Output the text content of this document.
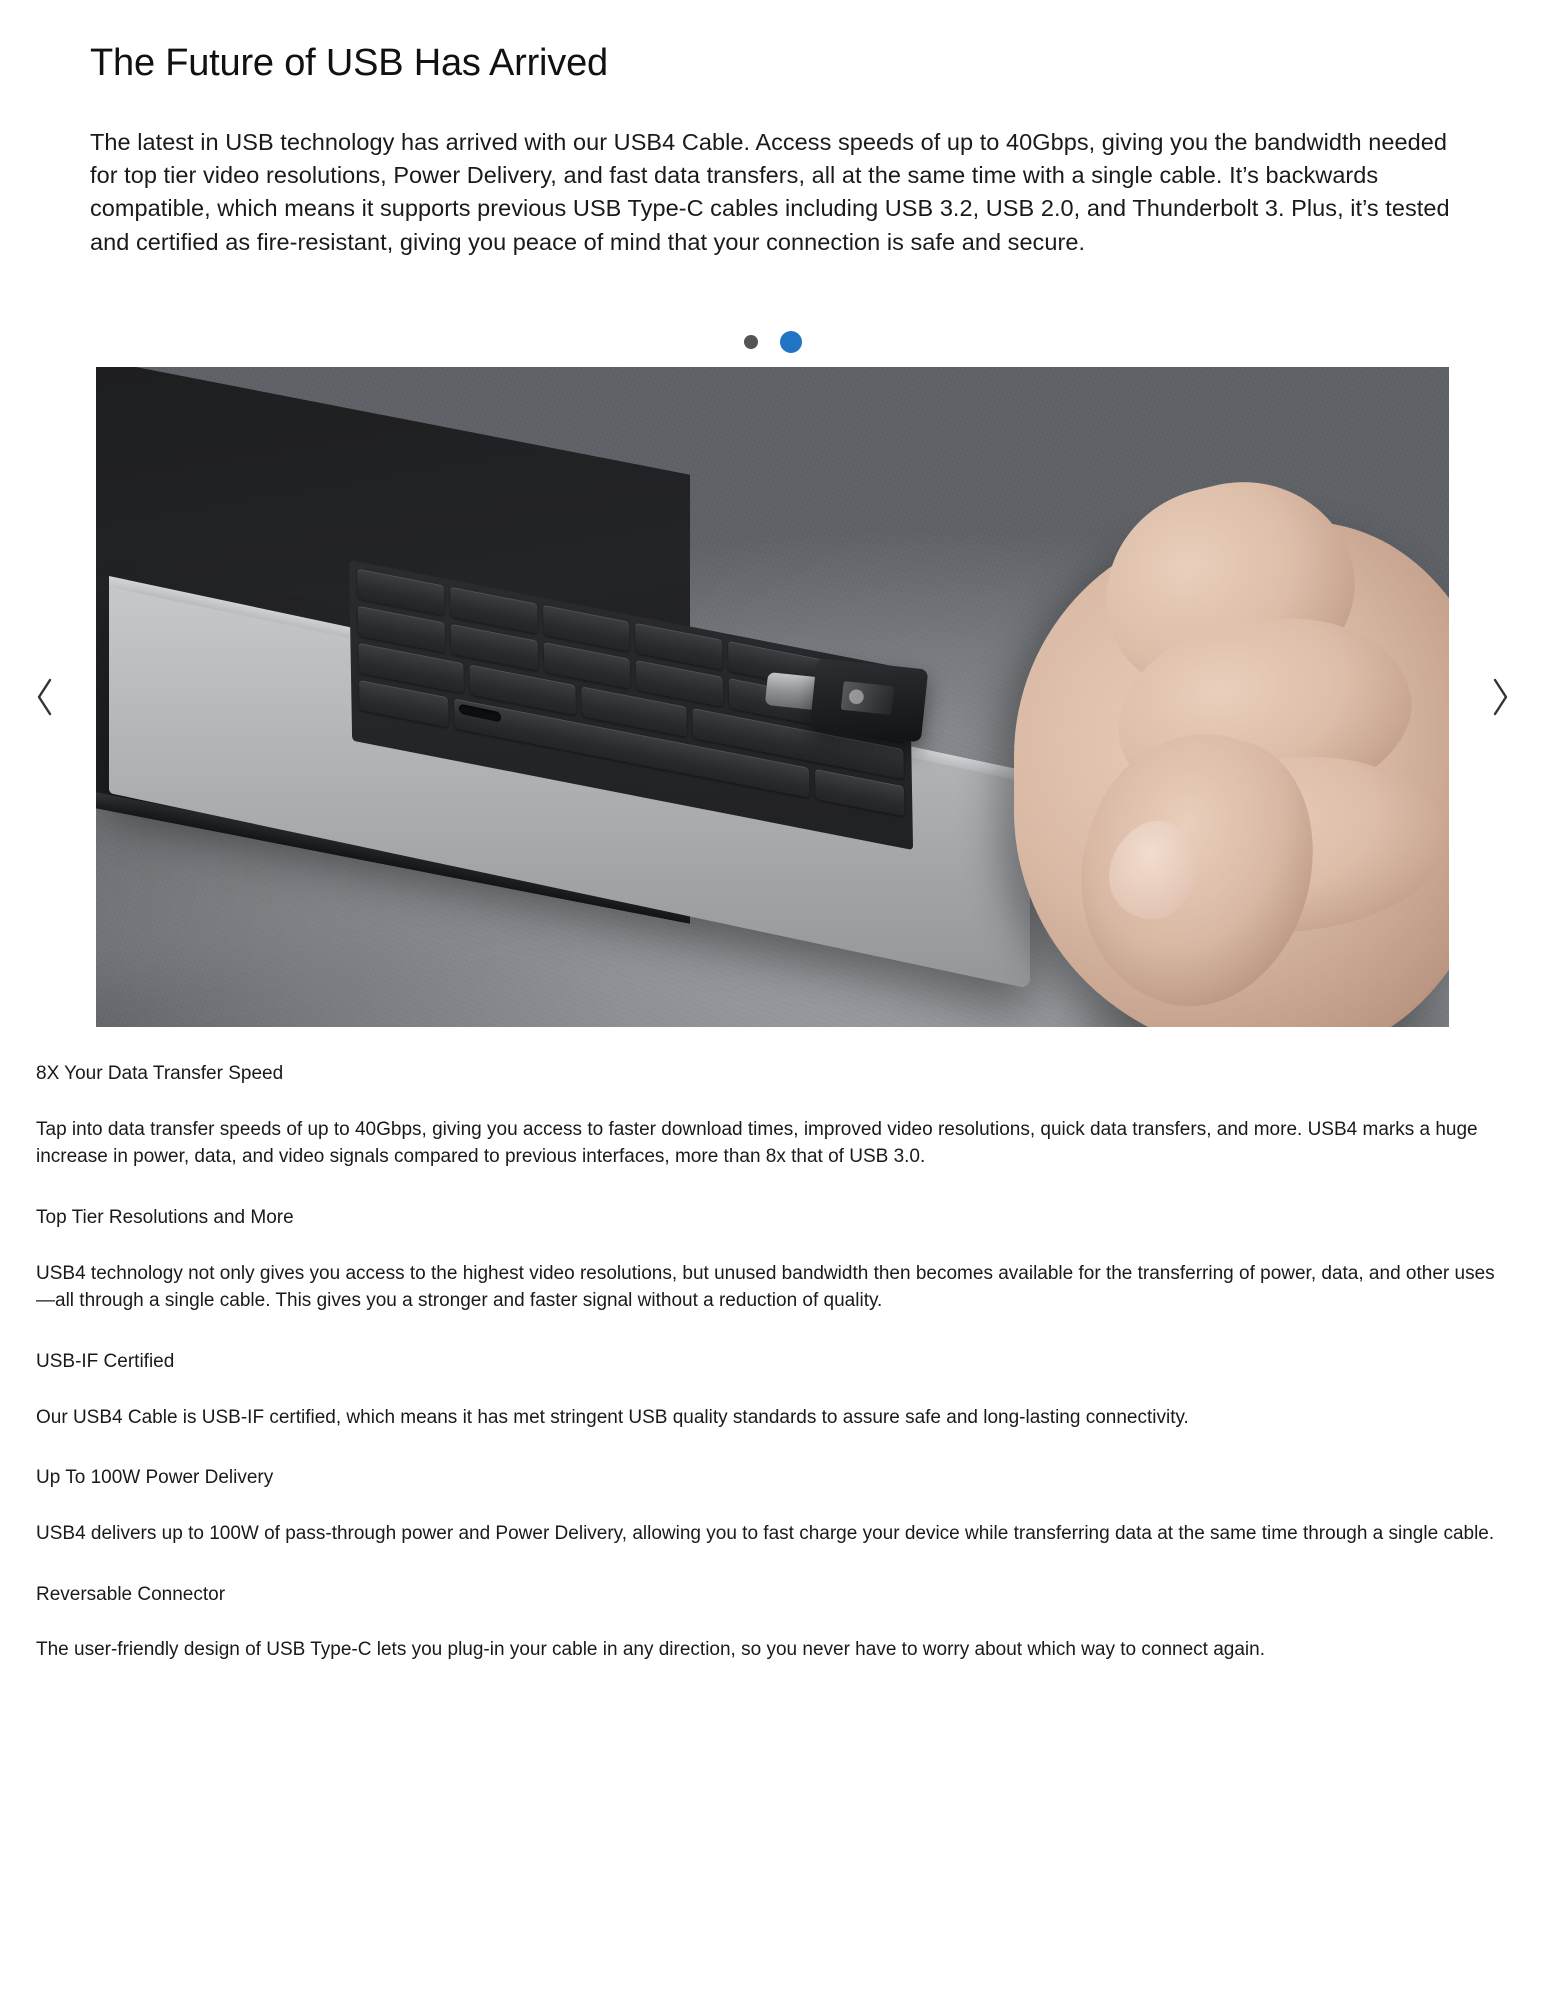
The Future of USB Has Arrived

The latest in USB technology has arrived with our USB4 Cable. Access speeds of up to 40Gbps, giving you the bandwidth needed for top tier video resolutions, Power Delivery, and fast data transfers, all at the same time with a single cable. It’s backwards compatible, which means it supports previous USB Type-C cables including USB 3.2, USB 2.0, and Thunderbolt 3. Plus, it’s tested and certified as fire-resistant, giving you peace of mind that your connection is safe and secure.

8X Your Data Transfer Speed

Tap into data transfer speeds of up to 40Gbps, giving you access to faster download times, improved video resolutions, quick data transfers, and more. USB4 marks a huge increase in power, data, and video signals compared to previous interfaces, more than 8x that of USB 3.0.

Top Tier Resolutions and More

USB4 technology not only gives you access to the highest video resolutions, but unused bandwidth then becomes available for the transferring of power, data, and other uses—all through a single cable. This gives you a stronger and faster signal without a reduction of quality.

USB-IF Certified

Our USB4 Cable is USB-IF certified, which means it has met stringent USB quality standards to assure safe and long-lasting connectivity.

Up To 100W Power Delivery

USB4 delivers up to 100W of pass-through power and Power Delivery, allowing you to fast charge your device while transferring data at the same time through a single cable.

Reversable Connector

The user-friendly design of USB Type-C lets you plug-in your cable in any direction, so you never have to worry about which way to connect again.
